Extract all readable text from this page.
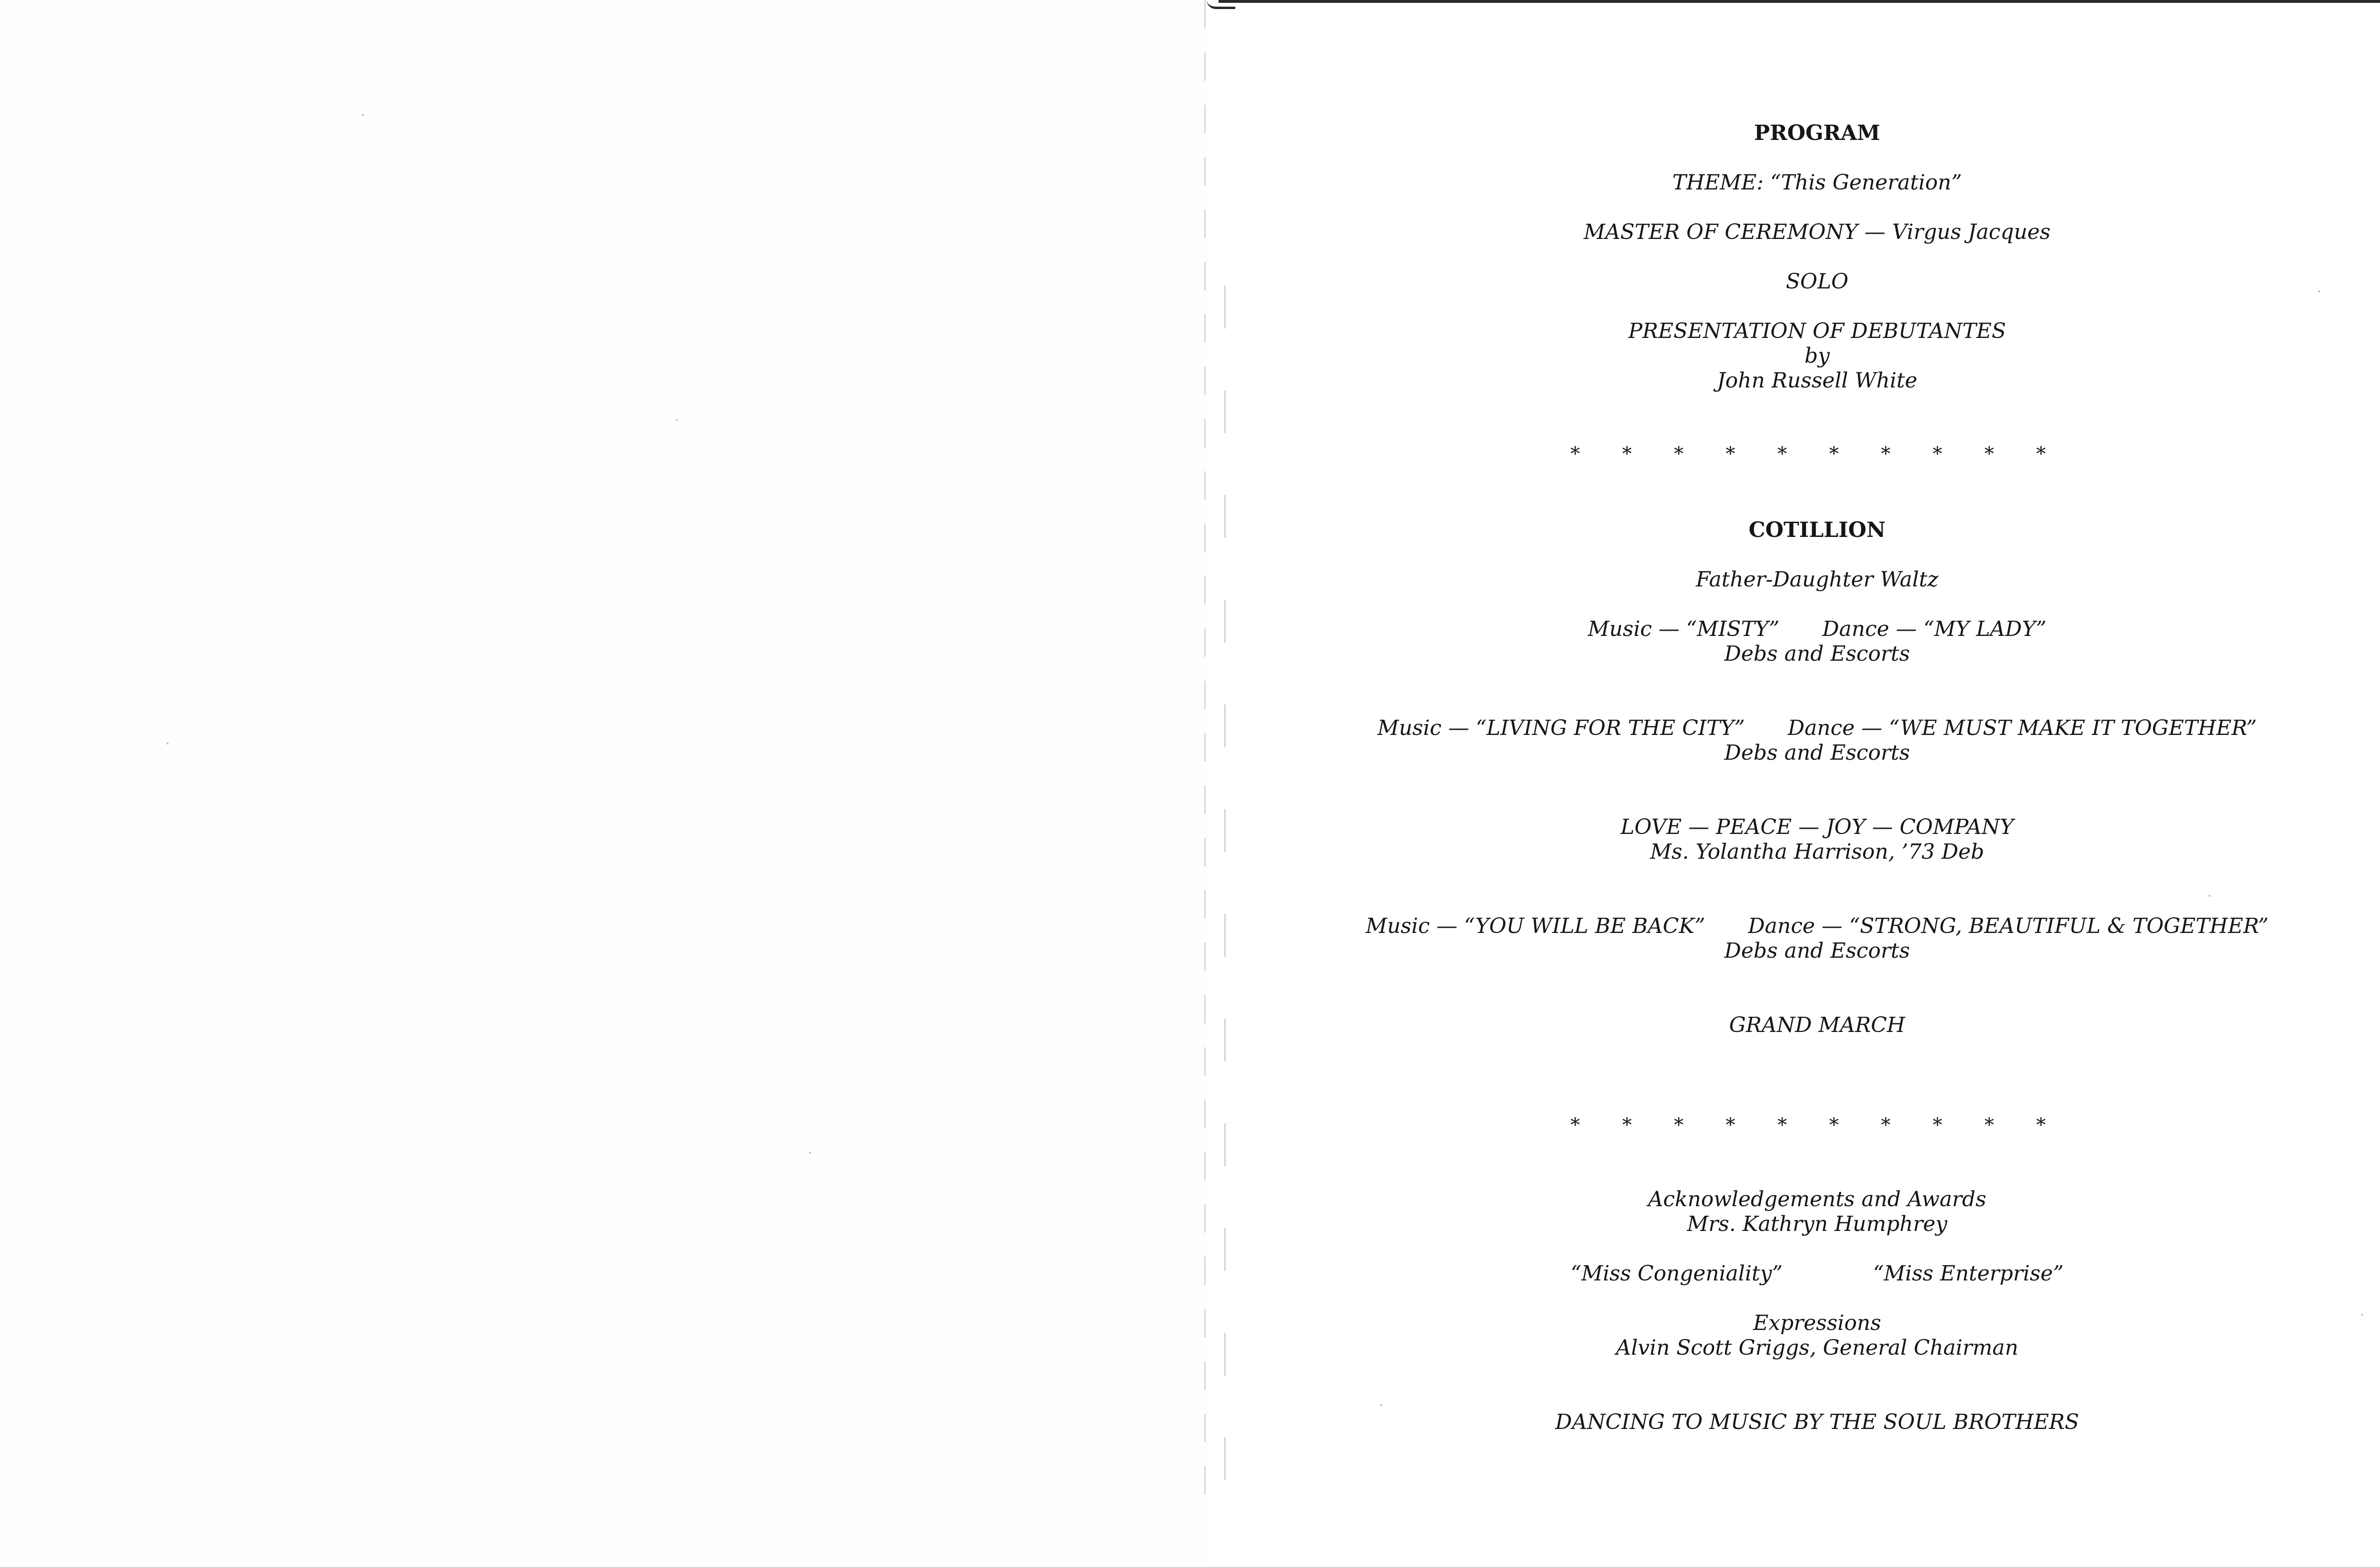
PROGRAM
THEME: “This Generation”
MASTER OF CEREMONY — Virgus Jacques
SOLO
PRESENTATION OF DEBUTANTES
by
John Russell White
* * * * * * * * * *
COTILLION
Father-Daughter Waltz
Music — “MISTY” Dance — “MY LADY”
Debs and Escorts
Music — “LIVING FOR THE CITY” Dance — “WE MUST MAKE IT TOGETHER”
Debs and Escorts
LOVE — PEACE — JOY — COMPANY
Ms. Yolantha Harrison, ’73 Deb
Music — “YOU WILL BE BACK” Dance — “STRONG, BEAUTIFUL & TOGETHER”
Debs and Escorts
GRAND MARCH
* * * * * * * * * *
Acknowledgements and Awards
Mrs. Kathryn Humphrey
“Miss Congeniality”	“Miss Enterprise”
Expressions
Alvin Scott Griggs, General Chairman
DANCING TO MUSIC BY THE SOUL BROTHERS
